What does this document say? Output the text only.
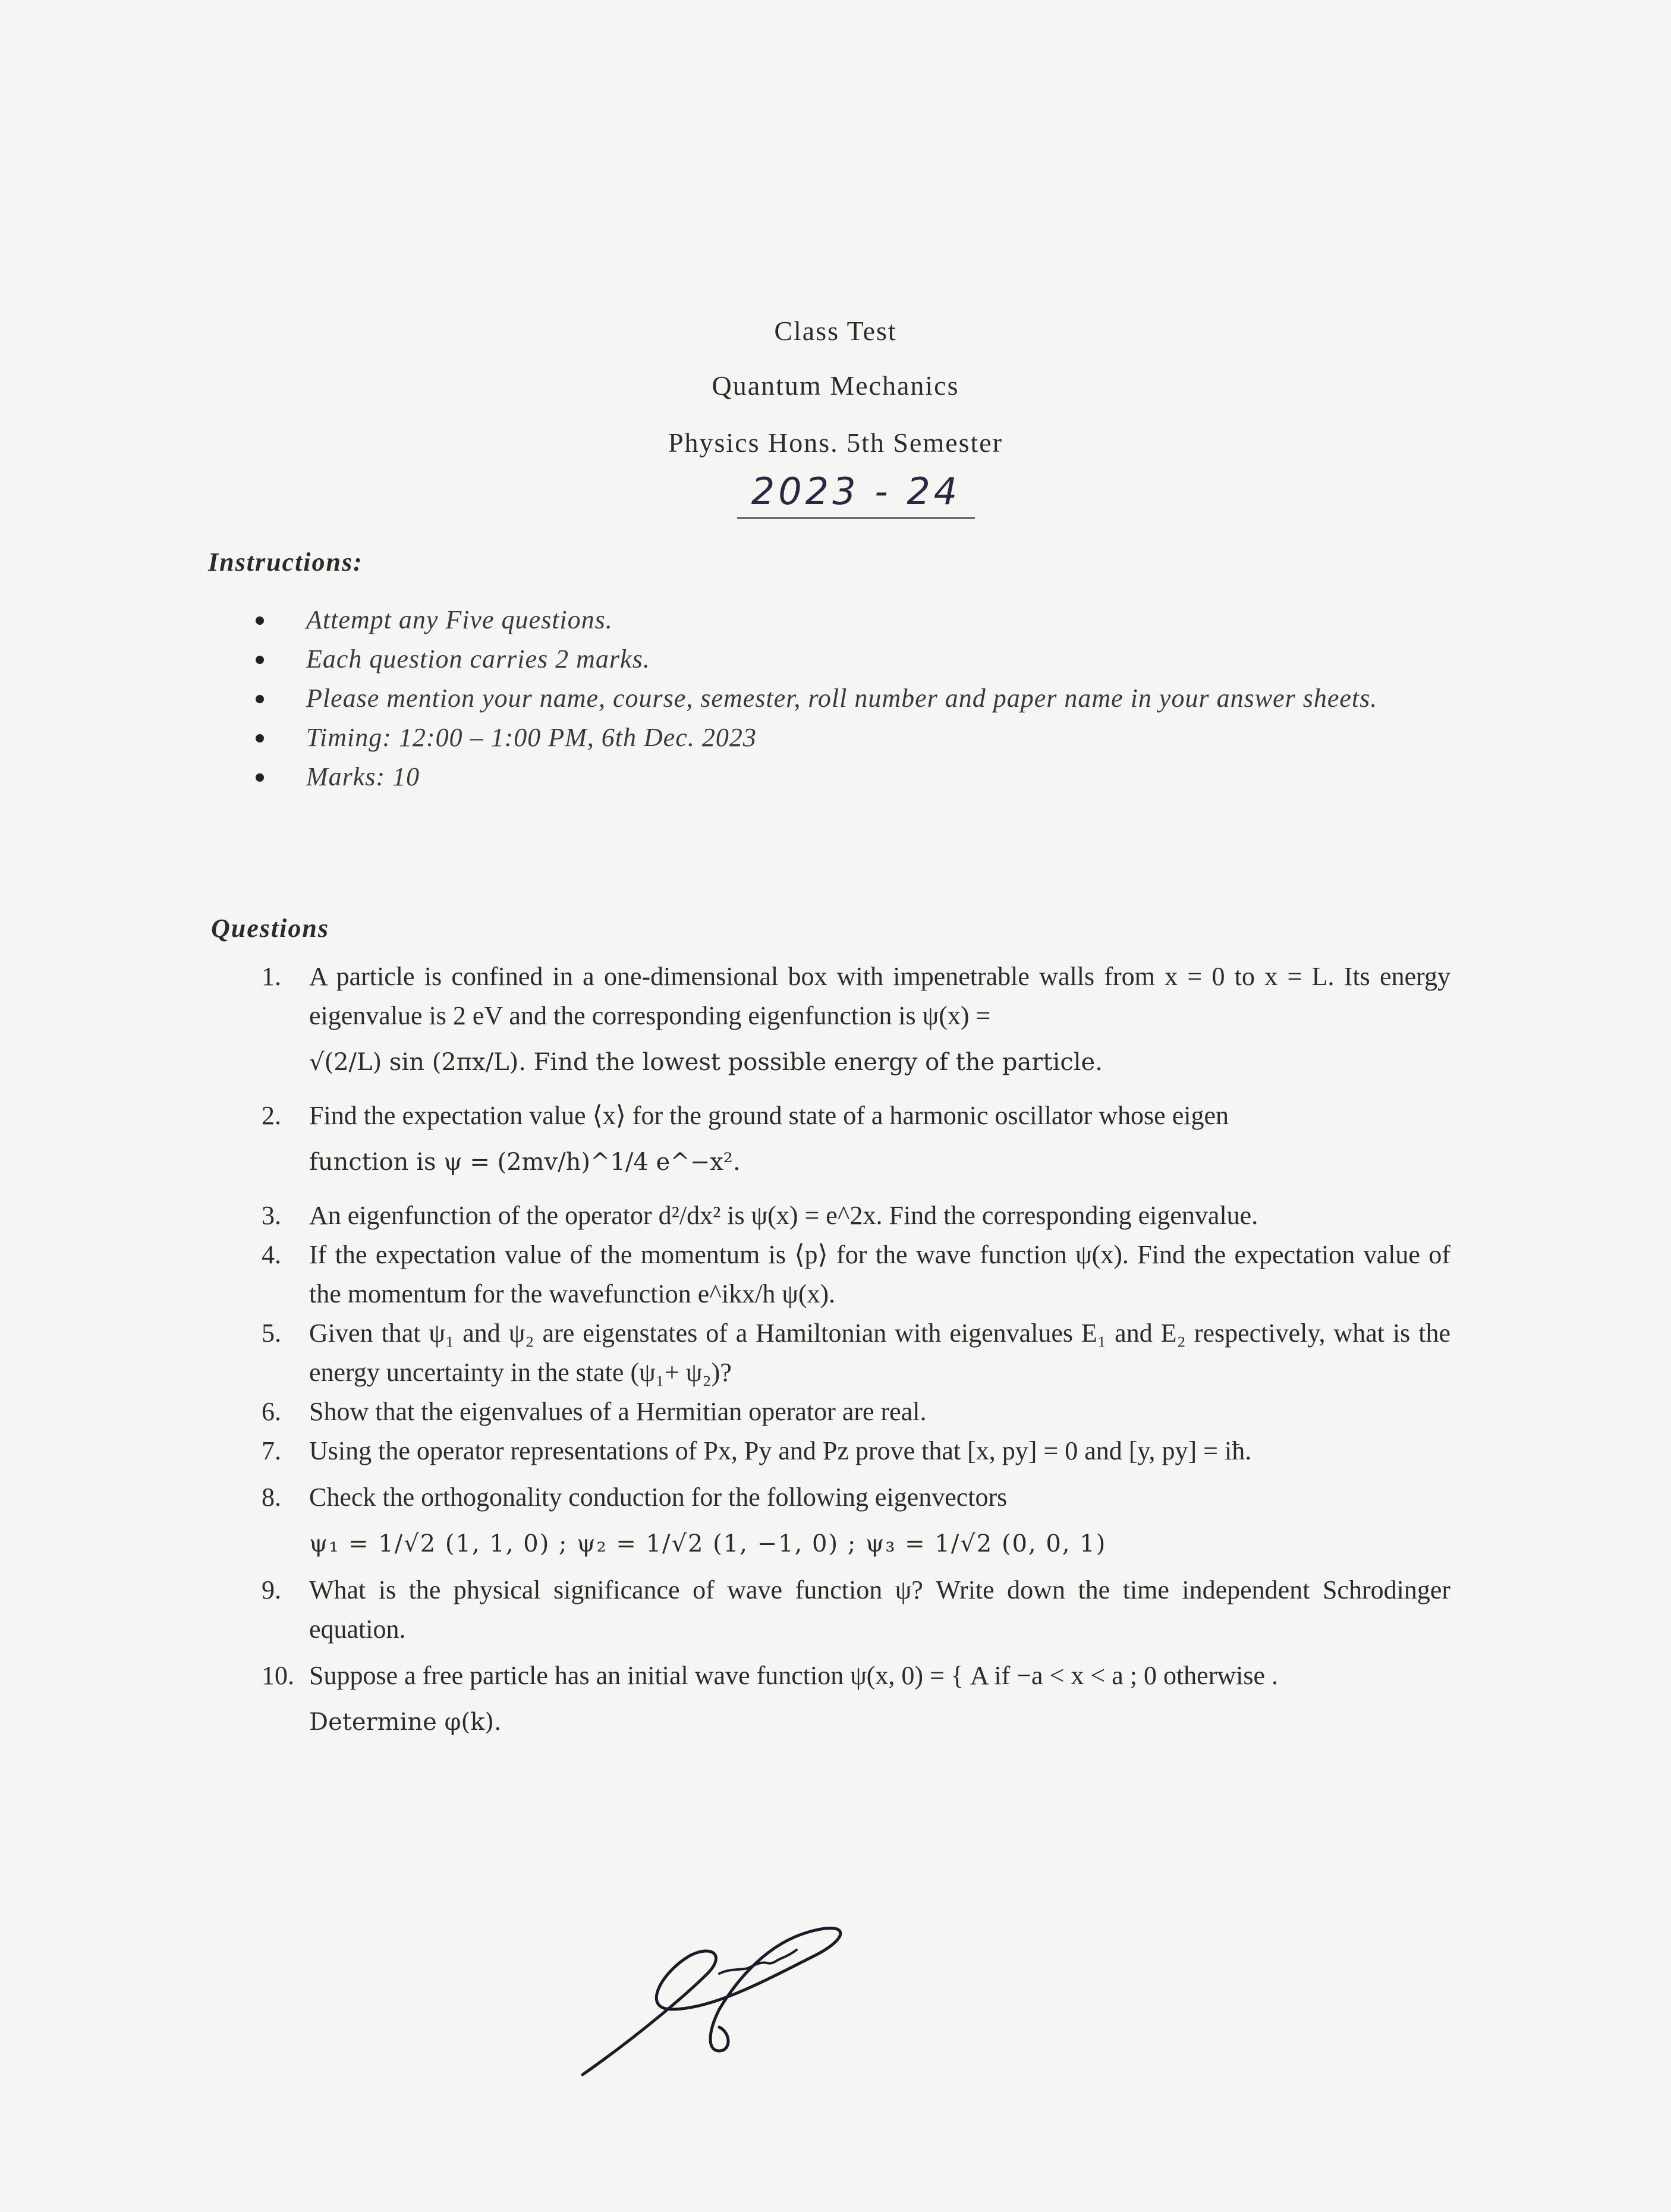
Class Test
Quantum Mechanics
Physics Hons. 5th Semester
2023 - 24
Instructions:
Attempt any Five questions.
Each question carries 2 marks.
Please mention your name, course, semester, roll number and paper name in your answer sheets.
Timing: 12:00 – 1:00 PM, 6th Dec. 2023
Marks: 10
Questions
1. A particle is confined in a one-dimensional box with impenetrable walls from x = 0 to x = L. Its energy eigenvalue is 2 eV and the corresponding eigenfunction is ψ(x) =
√(2/L) sin (2πx/L). Find the lowest possible energy of the particle.
2. Find the expectation value ⟨x⟩ for the ground state of a harmonic oscillator whose eigen
function is ψ = (2mv/h)^1/4 e^−x².
3. An eigenfunction of the operator d²/dx² is ψ(x) = e^2x. Find the corresponding eigenvalue.
4. If the expectation value of the momentum is ⟨p⟩ for the wave function ψ(x). Find the expectation value of the momentum for the wavefunction e^ikx/h ψ(x).
5. Given that ψ₁ and ψ₂ are eigenstates of a Hamiltonian with eigenvalues E₁ and E₂ respectively, what is the energy uncertainty in the state (ψ₁+ ψ₂)?
6. Show that the eigenvalues of a Hermitian operator are real.
7. Using the operator representations of Px, Py and Pz prove that [x, py] = 0 and [y, py] = iħ.
8. Check the orthogonality conduction for the following eigenvectors
ψ₁ = 1/√2 (1, 1, 0) ; ψ₂ = 1/√2 (1, −1, 0) ; ψ₃ = 1/√2 (0, 0, 1)
9. What is the physical significance of wave function ψ? Write down the time independent Schrodinger equation.
10. Suppose a free particle has an initial wave function ψ(x, 0) = { A if −a < x < a ; 0 otherwise .
Determine φ(k).
